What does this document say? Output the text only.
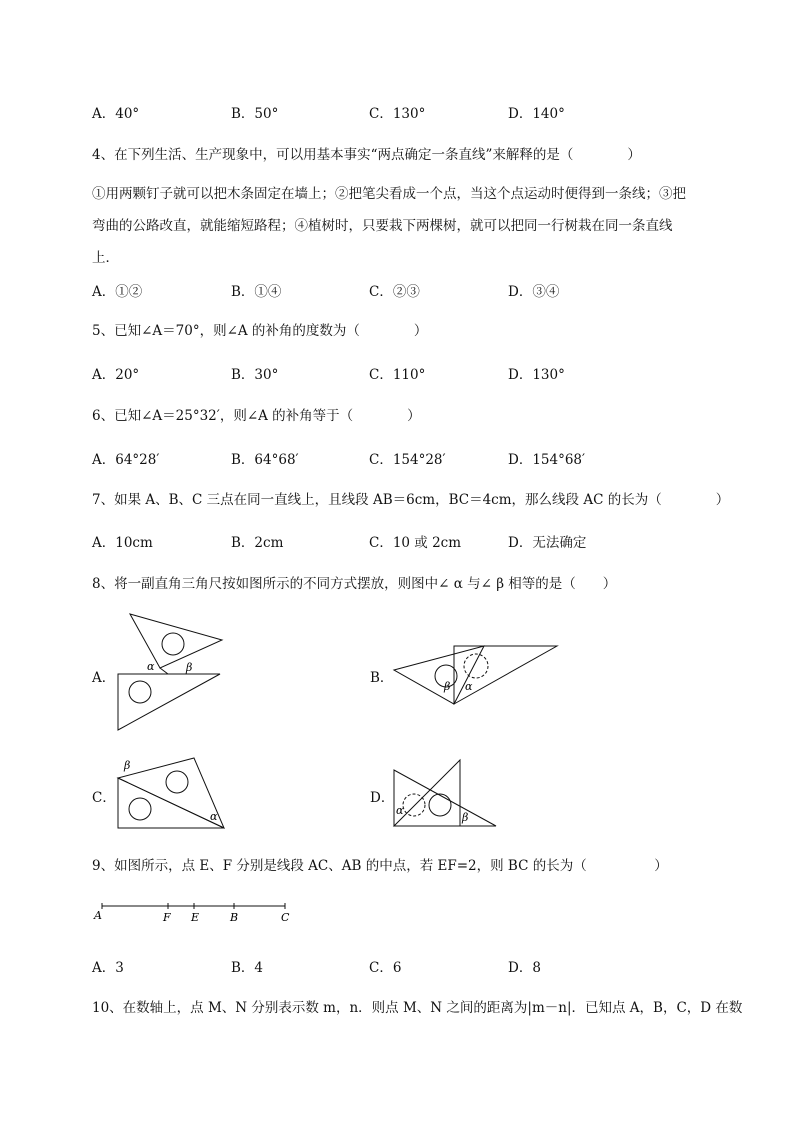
A．40°	B．50°	C．130°	D．140°
4、在下列生活、生产现象中，可以用基本事实“两点确定一条直线”来解释的是（　　　　）
①用两颗钉子就可以把木条固定在墙上；②把笔尖看成一个点，当这个点运动时便得到一条线；③把
弯曲的公路改直，就能缩短路程；④植树时，只要栽下两棵树，就可以把同一行树栽在同一条直线
上．
A．①②	B．①④	C．②③	D．③④
5、已知∠A＝70°，则∠A 的补角的度数为（　　　　）
A．20°	B．30°	C．110°	D．130°
6、已知∠A＝25°32′，则∠A 的补角等于（　　　　）
A．64°28′	B．64°68′	C．154°28′	D．154°68′
7、如果 A、B、C 三点在同一直线上，且线段 AB＝6cm，BC＝4cm，那么线段 AC 的长为（　　　　）
A．10cm	B．2cm	C．10 或 2cm	D．无法确定
8、将一副直角三角尺按如图所示的不同方式摆放，则图中∠ α 与∠ β 相等的是（　　）
A．
α	β
B．
β α
C．
β
α
D．
α
β
9、如图所示，点 E、F 分别是线段 AC、AB 的中点，若 EF=2，则 BC 的长为（　　　　　）
A	F E	B	C
A．3	B．4	C．6	D．8
10、在数轴上，点 M、N 分别表示数 m，n．则点 M、N 之间的距离为|m－n|．已知点 A，B，C，D 在数
